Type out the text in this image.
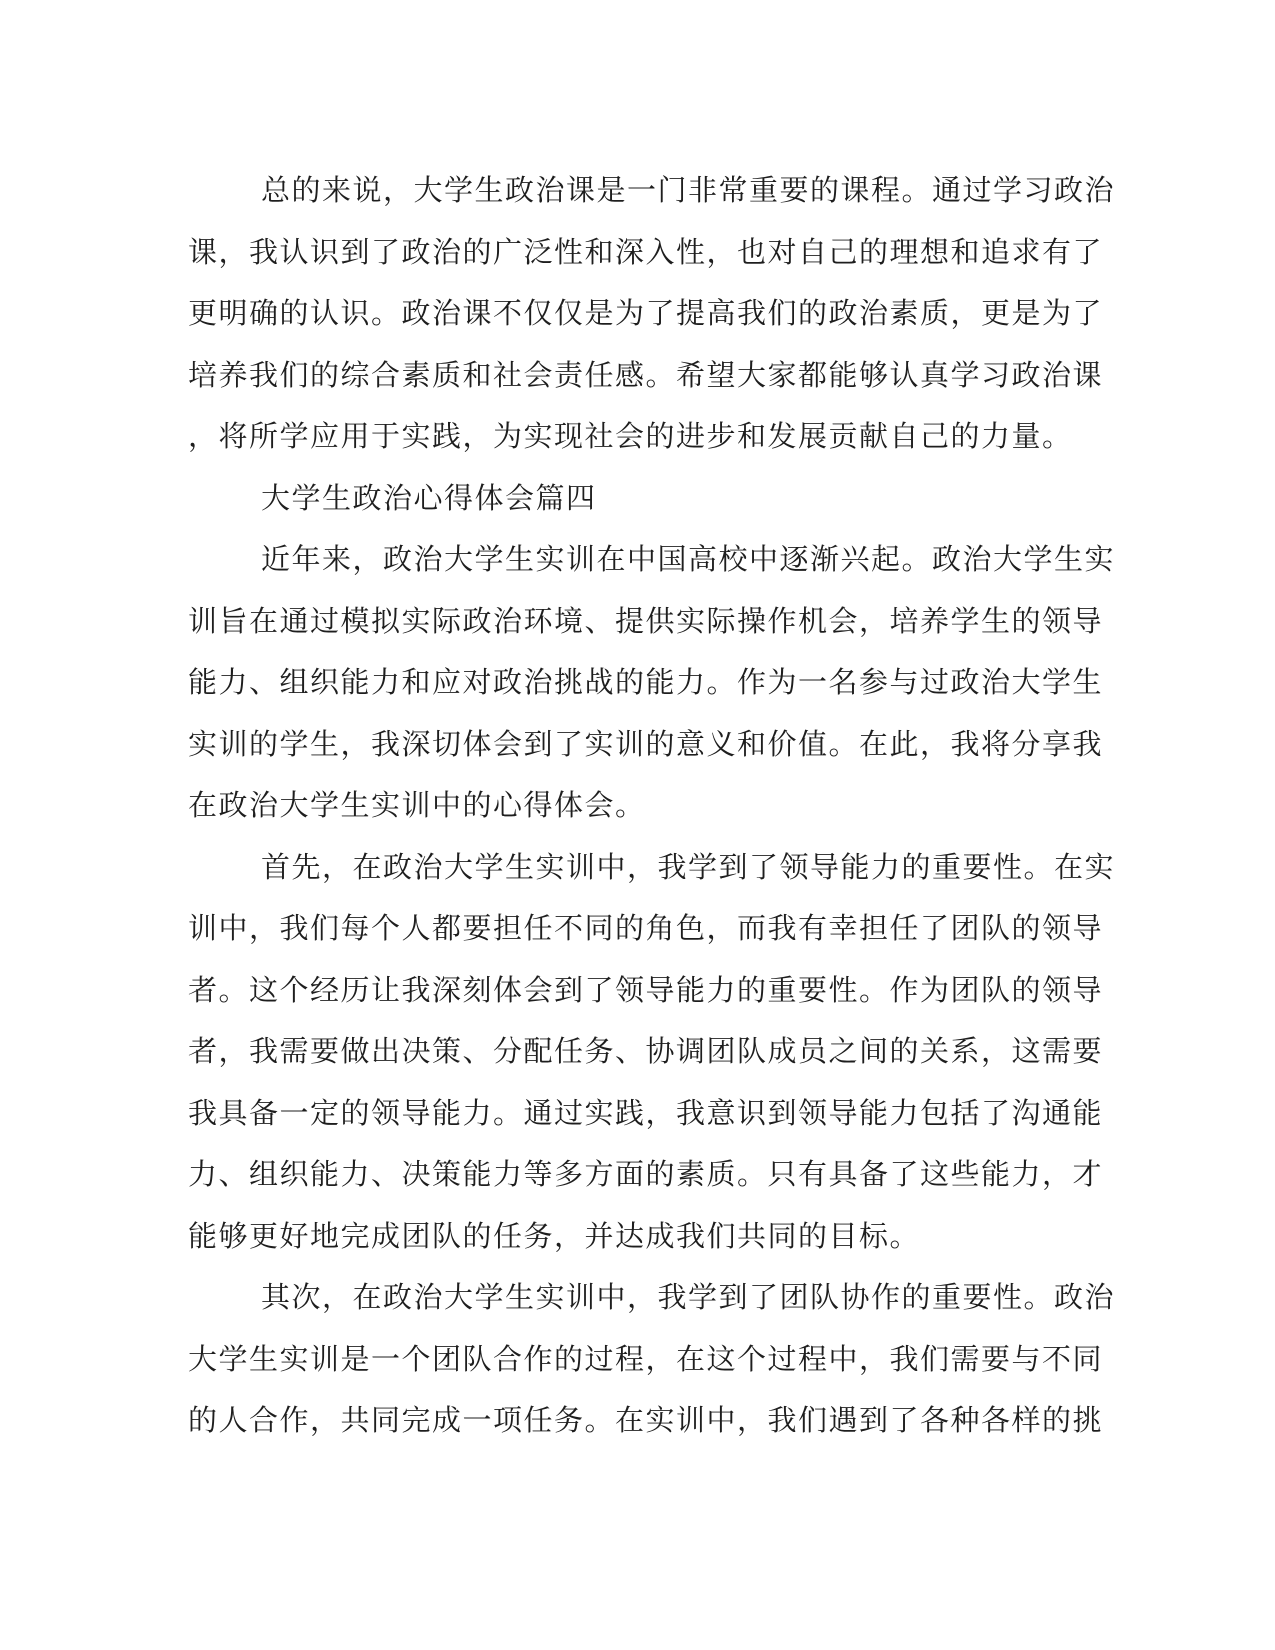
总的来说，大学生政治课是一门非常重要的课程。通过学习政治
课，我认识到了政治的广泛性和深入性，也对自己的理想和追求有了
更明确的认识。政治课不仅仅是为了提高我们的政治素质，更是为了
培养我们的综合素质和社会责任感。希望大家都能够认真学习政治课
，将所学应用于实践，为实现社会的进步和发展贡献自己的力量。
大学生政治心得体会篇四
近年来，政治大学生实训在中国高校中逐渐兴起。政治大学生实
训旨在通过模拟实际政治环境、提供实际操作机会，培养学生的领导
能力、组织能力和应对政治挑战的能力。作为一名参与过政治大学生
实训的学生，我深切体会到了实训的意义和价值。在此，我将分享我
在政治大学生实训中的心得体会。
首先，在政治大学生实训中，我学到了领导能力的重要性。在实
训中，我们每个人都要担任不同的角色，而我有幸担任了团队的领导
者。这个经历让我深刻体会到了领导能力的重要性。作为团队的领导
者，我需要做出决策、分配任务、协调团队成员之间的关系，这需要
我具备一定的领导能力。通过实践，我意识到领导能力包括了沟通能
力、组织能力、决策能力等多方面的素质。只有具备了这些能力，才
能够更好地完成团队的任务，并达成我们共同的目标。
其次，在政治大学生实训中，我学到了团队协作的重要性。政治
大学生实训是一个团队合作的过程，在这个过程中，我们需要与不同
的人合作，共同完成一项任务。在实训中，我们遇到了各种各样的挑
